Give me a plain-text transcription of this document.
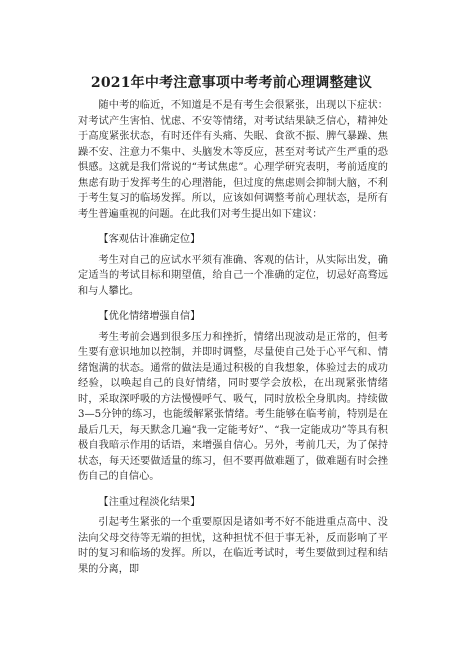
2021年中考注意事项中考考前心理调整建议

随中考的临近，不知道是不是有考生会很紧张，出现以下症状：对考试产生害怕、忧虑、不安等情绪，对考试结果缺乏信心，精神处于高度紧张状态，有时还伴有头痛、失眠、食欲不振、脾气暴躁、焦躁不安、注意力不集中、头脑发木等反应，甚至对考试产生严重的恐惧感。这就是我们常说的“考试焦虑”。心理学研究表明，考前适度的焦虑有助于发挥考生的心理潜能，但过度的焦虑则会抑制大脑，不利于考生复习的临场发挥。所以，应该如何调整考前心理状态，是所有考生普遍重视的问题。在此我们对考生提出如下建议：

【客观估计准确定位】

考生对自己的应试水平须有准确、客观的估计，从实际出发，确定适当的考试目标和期望值，给自己一个准确的定位，切忌好高骛远和与人攀比。

【优化情绪增强自信】

考生考前会遇到很多压力和挫折，情绪出现波动是正常的，但考生要有意识地加以控制，并即时调整，尽量使自己处于心平气和、情绪饱满的状态。通常的做法是通过积极的自我想象，体验过去的成功经验，以唤起自己的良好情绪，同时要学会放松，在出现紧张情绪时，采取深呼吸的方法慢慢呼气、吸气，同时放松全身肌肉。持续做3—5分钟的练习，也能缓解紧张情绪。考生能够在临考前，特别是在最后几天，每天默念几遍“我一定能考好”、“我一定能成功”等具有积极自我暗示作用的话语，来增强自信心。另外，考前几天，为了保持状态，每天还要做适量的练习，但不要再做难题了，做难题有时会挫伤自己的自信心。

【注重过程淡化结果】

引起考生紧张的一个重要原因是诸如考不好不能进重点高中、没法向父母交待等无端的担忧，这种担忧不但于事无补，反而影响了平时的复习和临场的发挥。所以，在临近考试时，考生要做到过程和结果的分离，即
